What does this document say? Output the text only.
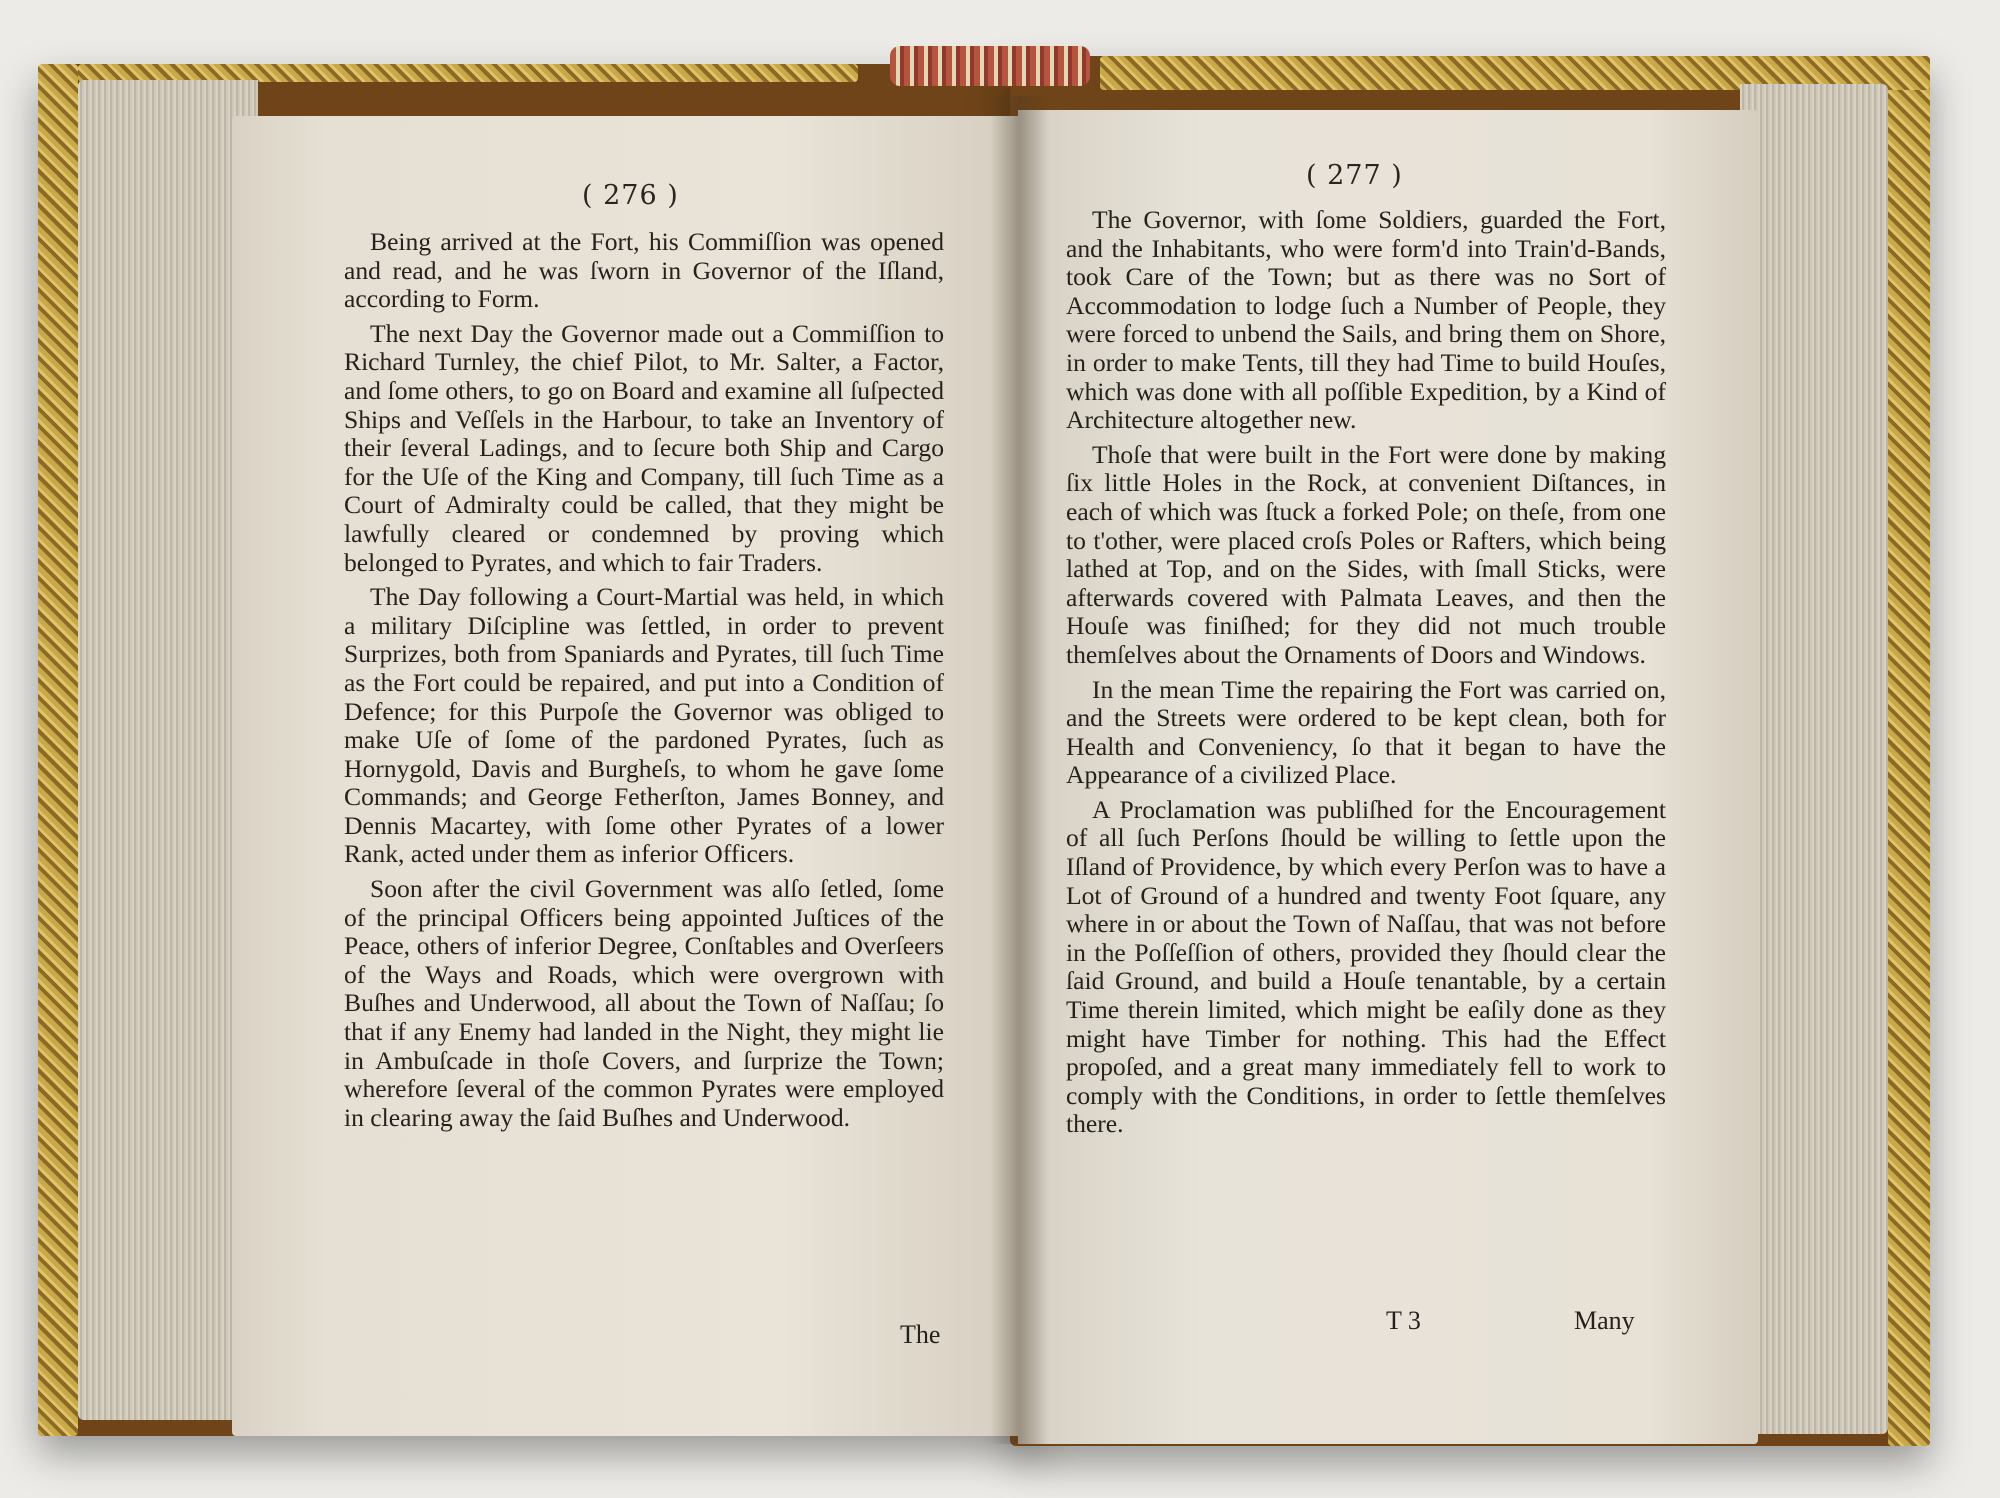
( 276 )

Being arrived at the Fort, his Commiſſion was opened and read, and he was ſworn in Governor of the Iſland, according to Form.

The next Day the Governor made out a Commiſſion to Richard Turnley, the chief Pilot, to Mr. Salter, a Factor, and ſome others, to go on Board and examine all ſuſpected Ships and Veſſels in the Harbour, to take an Inventory of their ſeveral Ladings, and to ſecure both Ship and Cargo for the Uſe of the King and Company, till ſuch Time as a Court of Admiralty could be called, that they might be lawfully cleared or condemned by proving which belonged to Pyrates, and which to fair Traders.

The Day following a Court-Martial was held, in which a military Diſcipline was ſettled, in order to prevent Surprizes, both from Spaniards and Pyrates, till ſuch Time as the Fort could be repaired, and put into a Condition of Defence; for this Purpoſe the Governor was obliged to make Uſe of ſome of the pardoned Pyrates, ſuch as Hornygold, Davis and Burgheſs, to whom he gave ſome Commands; and George Fetherſton, James Bonney, and Dennis Macartey, with ſome other Pyrates of a lower Rank, acted under them as inferior Officers.

Soon after the civil Government was alſo ſetled, ſome of the principal Officers being appointed Juſtices of the Peace, others of inferior Degree, Conſtables and Overſeers of the Ways and Roads, which were overgrown with Buſhes and Underwood, all about the Town of Naſſau; ſo that if any Enemy had landed in the Night, they might lie in Ambuſcade in thoſe Covers, and ſurprize the Town; wherefore ſeveral of the common Pyrates were employed in clearing away the ſaid Buſhes and Underwood.

The
( 277 )

The Governor, with ſome Soldiers, guarded the Fort, and the Inhabitants, who were form'd into Train'd-Bands, took Care of the Town; but as there was no Sort of Accommodation to lodge ſuch a Number of People, they were forced to unbend the Sails, and bring them on Shore, in order to make Tents, till they had Time to build Houſes, which was done with all poſſible Expedition, by a Kind of Architecture altogether new.

Thoſe that were built in the Fort were done by making ſix little Holes in the Rock, at convenient Diſtances, in each of which was ſtuck a forked Pole; on theſe, from one to t'other, were placed croſs Poles or Rafters, which being lathed at Top, and on the Sides, with ſmall Sticks, were afterwards covered with Palmata Leaves, and then the Houſe was finiſhed; for they did not much trouble themſelves about the Ornaments of Doors and Windows.

In the mean Time the repairing the Fort was carried on, and the Streets were ordered to be kept clean, both for Health and Conveniency, ſo that it began to have the Appearance of a civilized Place.

A Proclamation was publiſhed for the Encouragement of all ſuch Perſons ſhould be willing to ſettle upon the Iſland of Providence, by which every Perſon was to have a Lot of Ground of a hundred and twenty Foot ſquare, any where in or about the Town of Naſſau, that was not before in the Poſſeſſion of others, provided they ſhould clear the ſaid Ground, and build a Houſe tenantable, by a certain Time therein limited, which might be eaſily done as they might have Timber for nothing. This had the Effect propoſed, and a great many immediately fell to work to comply with the Conditions, in order to ſettle themſelves there.

T 3	Many
